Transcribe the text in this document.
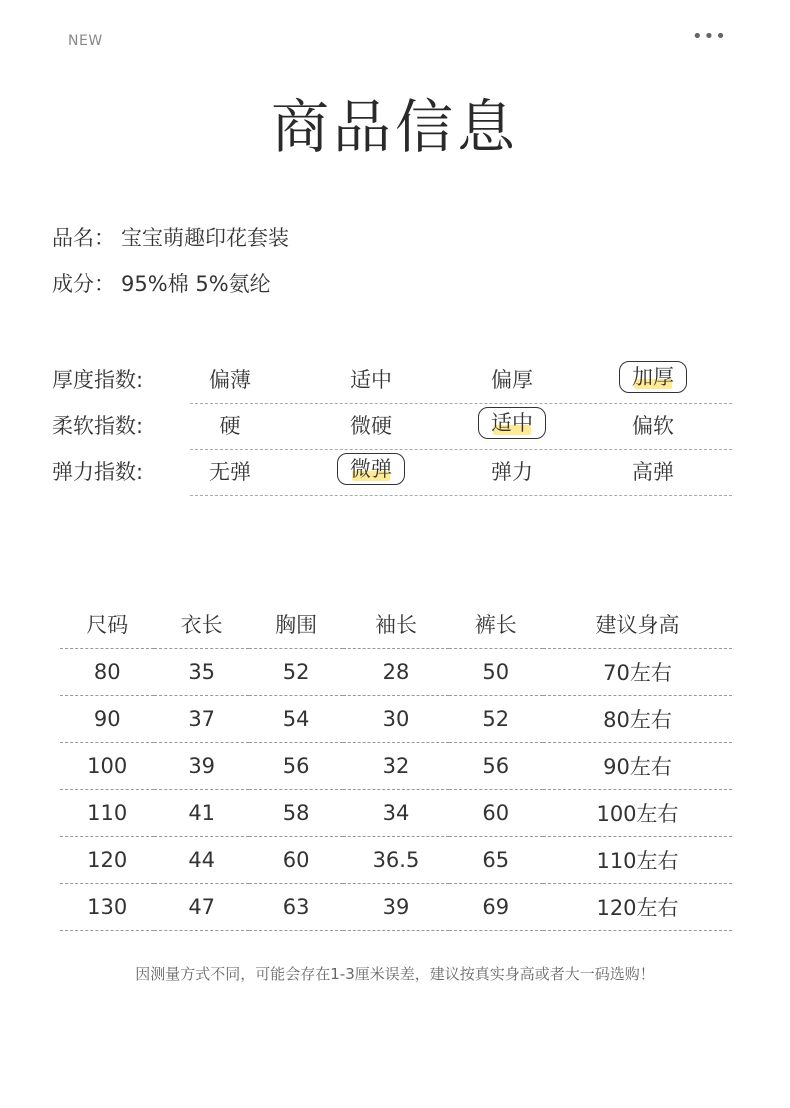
NEW	•••
商品信息
品名： 宝宝萌趣印花套装
成分： 95%棉 5%氨纶
厚度指数:	偏薄	适中	偏厚	加厚
柔软指数:	硬	微硬	适中	偏软
弹力指数:	无弹	微弹	弹力	高弹
尺码	衣长	胸围	袖长	裤长	建议身高
80	35	52	28	50	70左右
90	37	54	30	52	80左右
100	39	56	32	56	90左右
110	41	58	34	60	100左右
120	44	60	36.5	65	110左右
130	47	63	39	69	120左右
因测量方式不同，可能会存在1-3厘米误差，建议按真实身高或者大一码选购！
